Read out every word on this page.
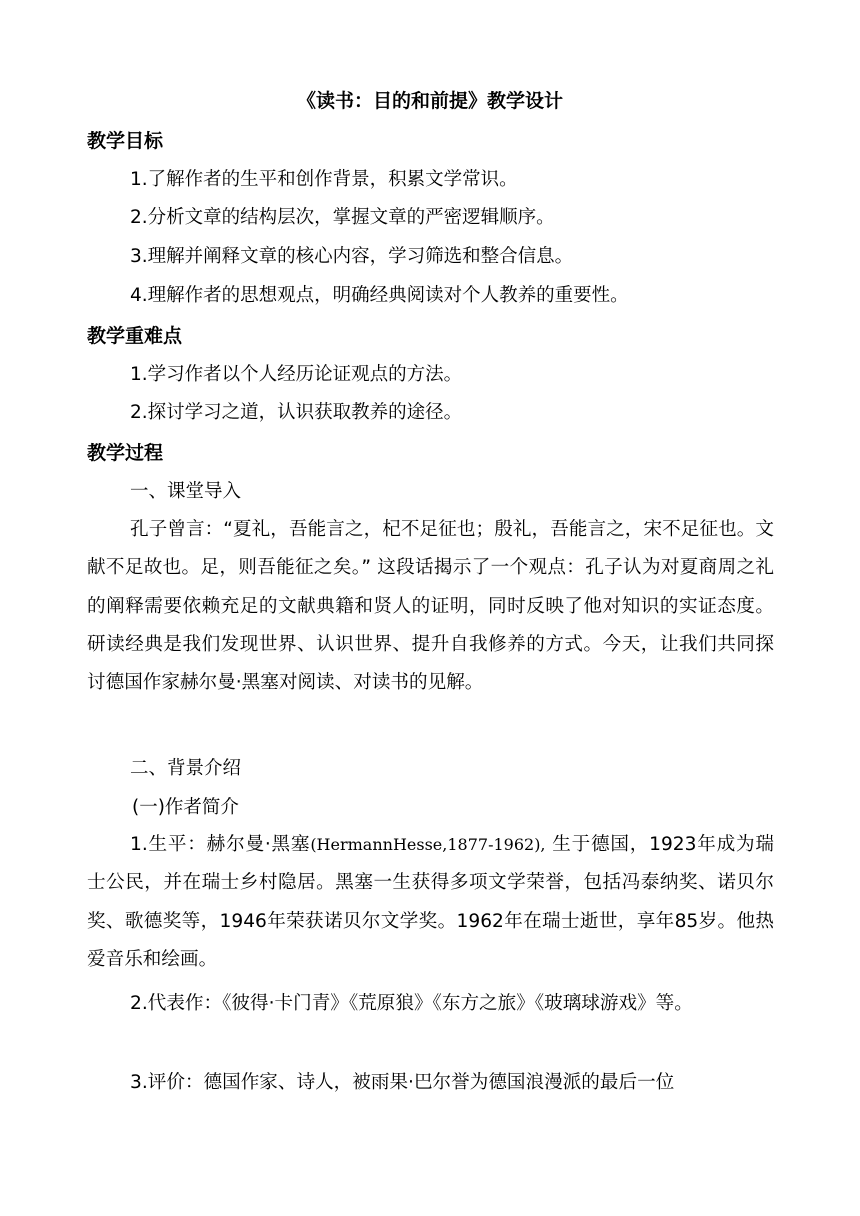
《读书：目的和前提》教学设计
教学目标
1.了解作者的生平和创作背景，积累文学常识。
2.分析文章的结构层次，掌握文章的严密逻辑顺序。
3.理解并阐释文章的核心内容，学习筛选和整合信息。
4.理解作者的思想观点，明确经典阅读对个人教养的重要性。
教学重难点
1.学习作者以个人经历论证观点的方法。
2.探讨学习之道，认识获取教养的途径。
教学过程
一、课堂导入
孔子曾言：“夏礼，吾能言之，杞不足征也；殷礼，吾能言之，宋不足征也。文献不足故也。足，则吾能征之矣。” 这段话揭示了一个观点：孔子认为对夏商周之礼的阐释需要依赖充足的文献典籍和贤人的证明，同时反映了他对知识的实证态度。研读经典是我们发现世界、认识世界、提升自我修养的方式。今天，让我们共同探讨德国作家赫尔曼·黑塞对阅读、对读书的见解。
二、背景介绍
(一)作者简介
1.生平：赫尔曼·黑塞(HermannHesse,1877-1962), 生于德国，1923年成为瑞士公民，并在瑞士乡村隐居。黑塞一生获得多项文学荣誉，包括冯泰纳奖、诺贝尔奖、歌德奖等，1946年荣获诺贝尔文学奖。1962年在瑞士逝世，享年85岁。他热爱音乐和绘画。
2.代表作：《彼得·卡门青》《荒原狼》《东方之旅》《玻璃球游戏》等。
3.评价：德国作家、诗人，被雨果·巴尔誉为德国浪漫派的最后一位
